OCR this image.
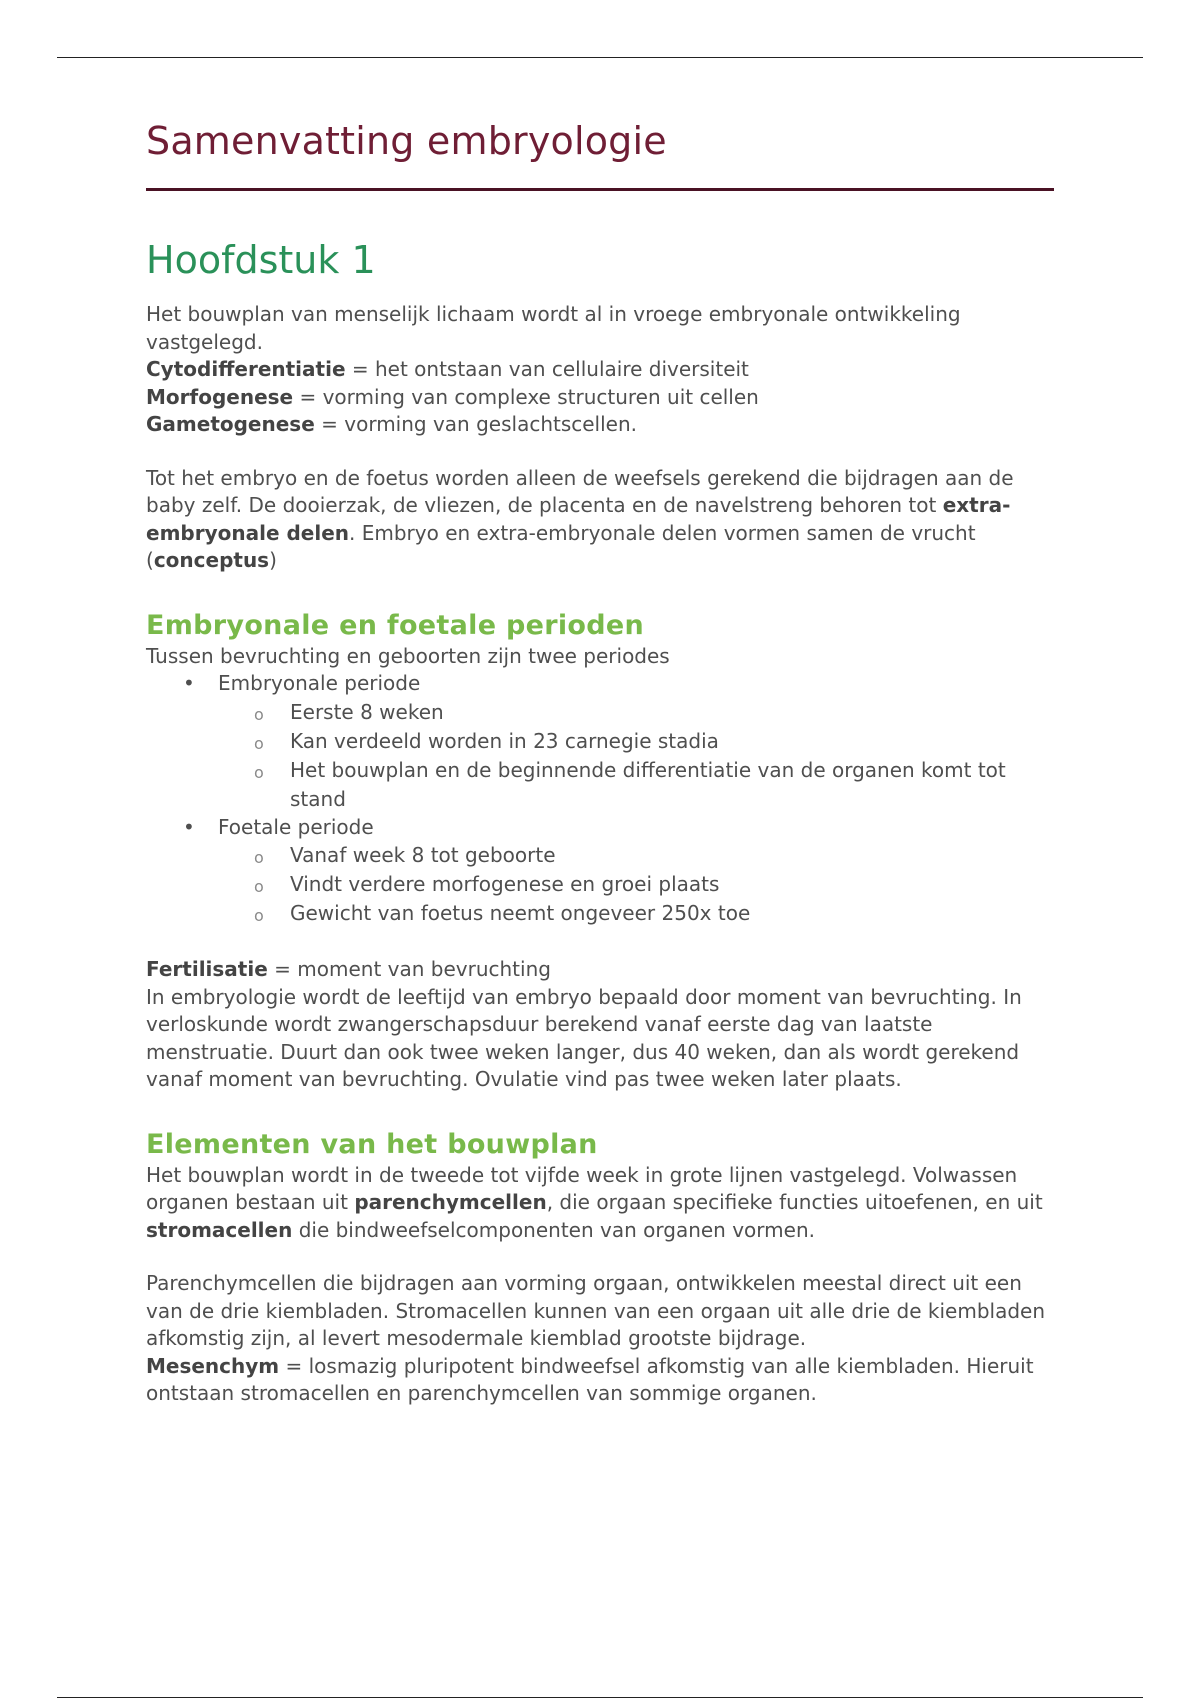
Samenvatting embryologie
Hoofdstuk 1

Het bouwplan van menselijk lichaam wordt al in vroege embryonale ontwikkeling vastgelegd.

Cytodifferentiatie = het ontstaan van cellulaire diversiteit

Morfogenese = vorming van complexe structuren uit cellen

Gametogenese = vorming van geslachtscellen.

Tot het embryo en de foetus worden alleen de weefsels gerekend die bijdragen aan de baby zelf. De dooierzak, de vliezen, de placenta en de navelstreng behoren tot extra-embryonale delen. Embryo en extra-embryonale delen vormen samen de vrucht (conceptus)

Embryonale en foetale perioden

Tussen bevruchting en geboorten zijn twee periodes

• Embryonale periode
o Eerste 8 weken
o Kan verdeeld worden in 23 carnegie stadia
o Het bouwplan en de beginnende differentiatie van de organen komt tot stand
• Foetale periode
o Vanaf week 8 tot geboorte
o Vindt verdere morfogenese en groei plaats
o Gewicht van foetus neemt ongeveer 250x toe

Fertilisatie = moment van bevruchting

In embryologie wordt de leeftijd van embryo bepaald door moment van bevruchting. In verloskunde wordt zwangerschapsduur berekend vanaf eerste dag van laatste menstruatie. Duurt dan ook twee weken langer, dus 40 weken, dan als wordt gerekend vanaf moment van bevruchting. Ovulatie vind pas twee weken later plaats.

Elementen van het bouwplan

Het bouwplan wordt in de tweede tot vijfde week in grote lijnen vastgelegd. Volwassen organen bestaan uit parenchymcellen, die orgaan specifieke functies uitoefenen, en uit stromacellen die bindweefselcomponenten van organen vormen.

Parenchymcellen die bijdragen aan vorming orgaan, ontwikkelen meestal direct uit een van de drie kiembladen. Stromacellen kunnen van een orgaan uit alle drie de kiembladen afkomstig zijn, al levert mesodermale kiemblad grootste bijdrage.

Mesenchym = losmazig pluripotent bindweefsel afkomstig van alle kiembladen. Hieruit ontstaan stromacellen en parenchymcellen van sommige organen.
